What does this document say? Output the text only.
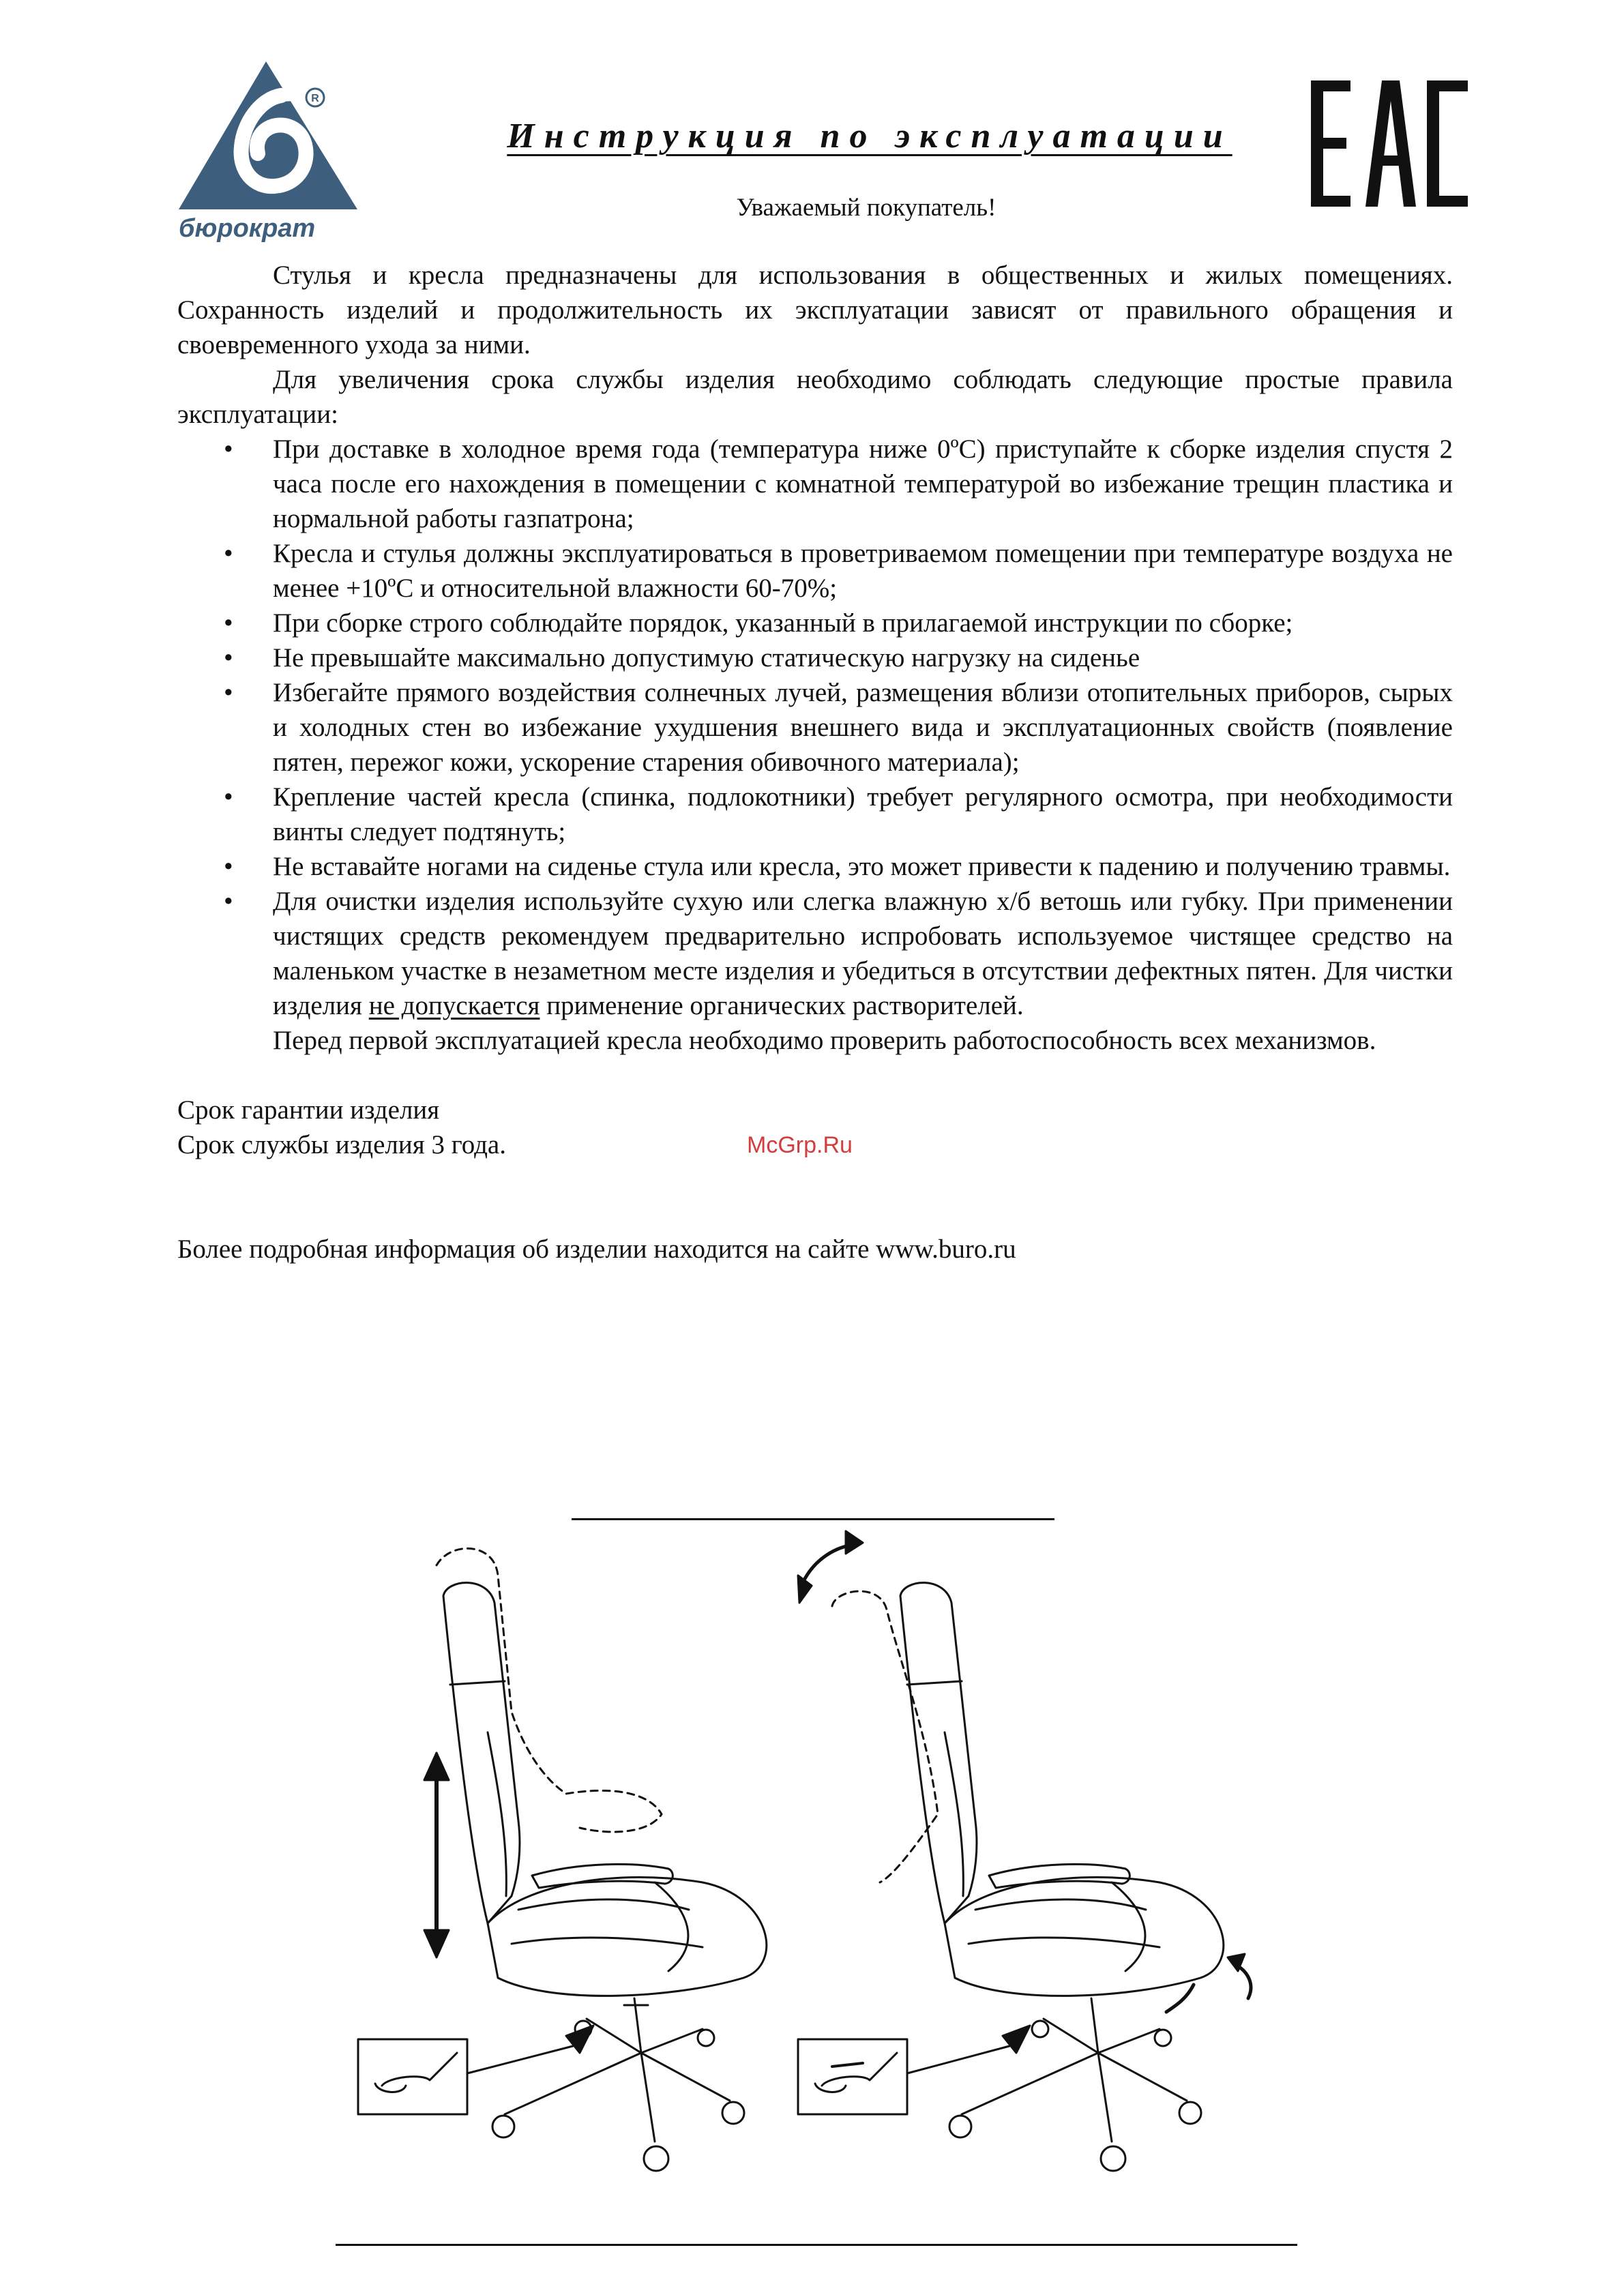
R
бюрократ
Инструкция по эксплуатации
Уважаемый покупатель!

Стулья и кресла предназначены для использования в общественных и жилых помещениях. Сохранность изделий и продолжительность их эксплуатации зависят от правильного обращения и своевременного ухода за ними.

Для увеличения срока службы изделия необходимо соблюдать следующие простые правила эксплуатации:

• При доставке в холодное время года (температура ниже 0ºС) приступайте к сборке изделия спустя 2 часа после его нахождения в помещении с комнатной температурой во избежание трещин пластика и нормальной работы газпатрона;
• Кресла и стулья должны эксплуатироваться в проветриваемом помещении при температуре воздуха не менее +10ºС и относительной влажности 60-70%;
• При сборке строго соблюдайте порядок, указанный в прилагаемой инструкции по сборке;
• Не превышайте максимально допустимую статическую нагрузку на сиденье
• Избегайте прямого воздействия солнечных лучей, размещения вблизи отопительных приборов, сырых и холодных стен во избежание ухудшения внешнего вида и эксплуатационных свойств (появление пятен, пережог кожи, ускорение старения обивочного материала);
• Крепление частей кресла (спинка, подлокотники) требует регулярного осмотра, при необходимости винты следует подтянуть;
• Не вставайте ногами на сиденье стула или кресла, это может привести к падению и получению травмы.
• Для очистки изделия используйте сухую или слегка влажную х/б ветошь или губку. При применении чистящих средств рекомендуем предварительно испробовать используемое чистящее средство на маленьком участке в незаметном месте изделия и убедиться в отсутствии дефектных пятен. Для чистки изделия не допускается применение органических растворителей.

Перед первой эксплуатацией кресла необходимо проверить работоспособность всех механизмов.

Срок гарантии изделия
Срок службы изделия 3 года.
Более подробная информация об изделии находится на сайте www.buro.ru
McGrp.Ru
